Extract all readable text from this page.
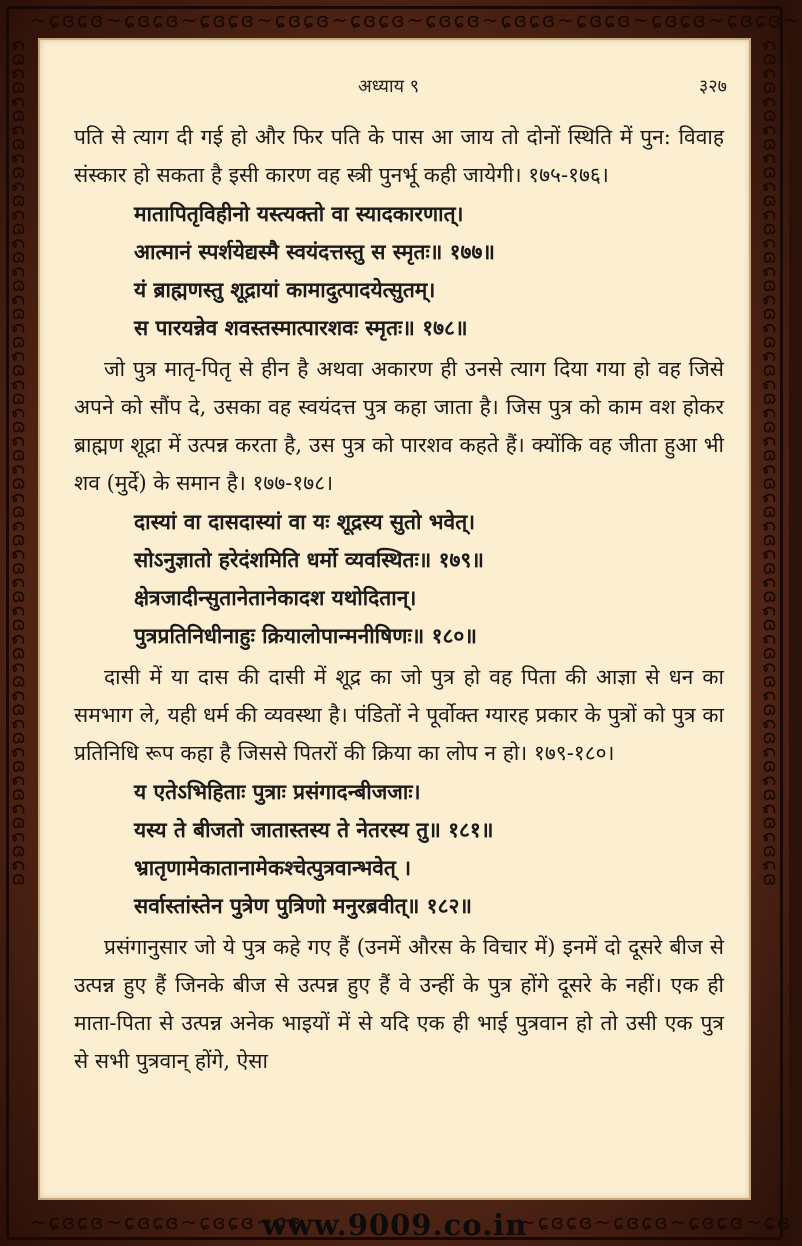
~ɕɞɕɞ~ɕɞɕɞ~ɕɞɕɞ~ɕɞɕɞ~ɕɞɕɞ~ɕɞɕɞ~ɕɞɕɞ~ɕɞɕɞ~ɕɞɕɞ~ɕɞɕɞ~
ɕɞɕɞɕɞɕɞɕɞɕɞɕɞɕɞɕɞɕɞɕɞɕɞɕɞɕɞɕɞɕɞɕɞɕɞɕɞɕɞɕɞɕɞɕɞɕɞɕɞɕɞɕɞɕɞɕɞɕɞ	ɕɞɕɞɕɞɕɞɕɞɕɞɕɞɕɞɕɞɕɞɕɞɕɞɕɞɕɞɕɞɕɞɕɞɕɞɕɞɕɞɕɞɕɞɕɞɕɞɕɞɕɞɕɞɕɞɕɞɕɞ
~ɕɞɕɞ~ɕɞɕɞ~ɕɞɕɞ~ɕɞ	~ɕɞɕɞ~ɕɞɕɞ~ɕɞɕɞ~ɕɞ
अध्याय ९	३२७

पति से त्याग दी गई हो और फिर पति के पास आ जाय तो दोनों स्थिति में पुन: विवाह संस्कार हो सकता है इसी कारण वह स्त्री पुनर्भू कही जायेगी। १७५-१७६।

मातापितृविहीनो यस्त्यक्तो वा स्यादकारणात्।
आत्मानं स्पर्शयेद्यस्मै स्वयंदत्तस्तु स स्मृतः॥ १७७॥
यं ब्राह्मणस्तु शूद्रायां कामादुत्पादयेत्सुतम्।
स पारयन्नेव शवस्तस्मात्पारशवः स्मृतः॥ १७८॥

जो पुत्र मातृ-पितृ से हीन है अथवा अकारण ही उनसे त्याग दिया गया हो वह जिसे अपने को सौंप दे, उसका वह स्वयंदत्त पुत्र कहा जाता है। जिस पुत्र को काम वश होकर ब्राह्मण शूद्रा में उत्पन्न करता है, उस पुत्र को पारशव कहते हैं। क्योंकि वह जीता हुआ भी शव (मुर्दे) के समान है। १७७-१७८।

दास्यां वा दासदास्यां वा यः शूद्रस्य सुतो भवेत्।
सोऽनुज्ञातो हरेदंशमिति धर्मो व्यवस्थितः॥ १७९॥
क्षेत्रजादीन्सुतानेतानेकादश यथोदितान्।
पुत्रप्रतिनिधीनाहुः क्रियालोपान्मनीषिणः॥ १८०॥

दासी में या दास की दासी में शूद्र का जो पुत्र हो वह पिता की आज्ञा से धन का समभाग ले, यही धर्म की व्यवस्था है। पंडितों ने पूर्वोक्त ग्यारह प्रकार के पुत्रों को पुत्र का प्रतिनिधि रूप कहा है जिससे पितरों की क्रिया का लोप न हो। १७९-१८०।

य एतेऽभिहिताः पुत्राः प्रसंगादन्बीजजाः।
यस्य ते बीजतो जातास्तस्य ते नेतरस्य तु॥ १८१॥
भ्रातृणामेकातानामेकश्चेत्पुत्रवान्भवेत् ।
सर्वास्तांस्तेन पुत्रेण पुत्रिणो मनुरब्रवीत्॥ १८२॥

प्रसंगानुसार जो ये पुत्र कहे गए हैं (उनमें औरस के विचार में) इनमें दो दूसरे बीज से उत्पन्न हुए हैं जिनके बीज से उत्पन्न हुए हैं वे उन्हीं के पुत्र होंगे दूसरे के नहीं। एक ही माता-पिता से उत्पन्न अनेक भाइयों में से यदि एक ही भाई पुत्रवान हो तो उसी एक पुत्र से सभी पुत्रवान् होंगे, ऐसा

www.9009.co.in
